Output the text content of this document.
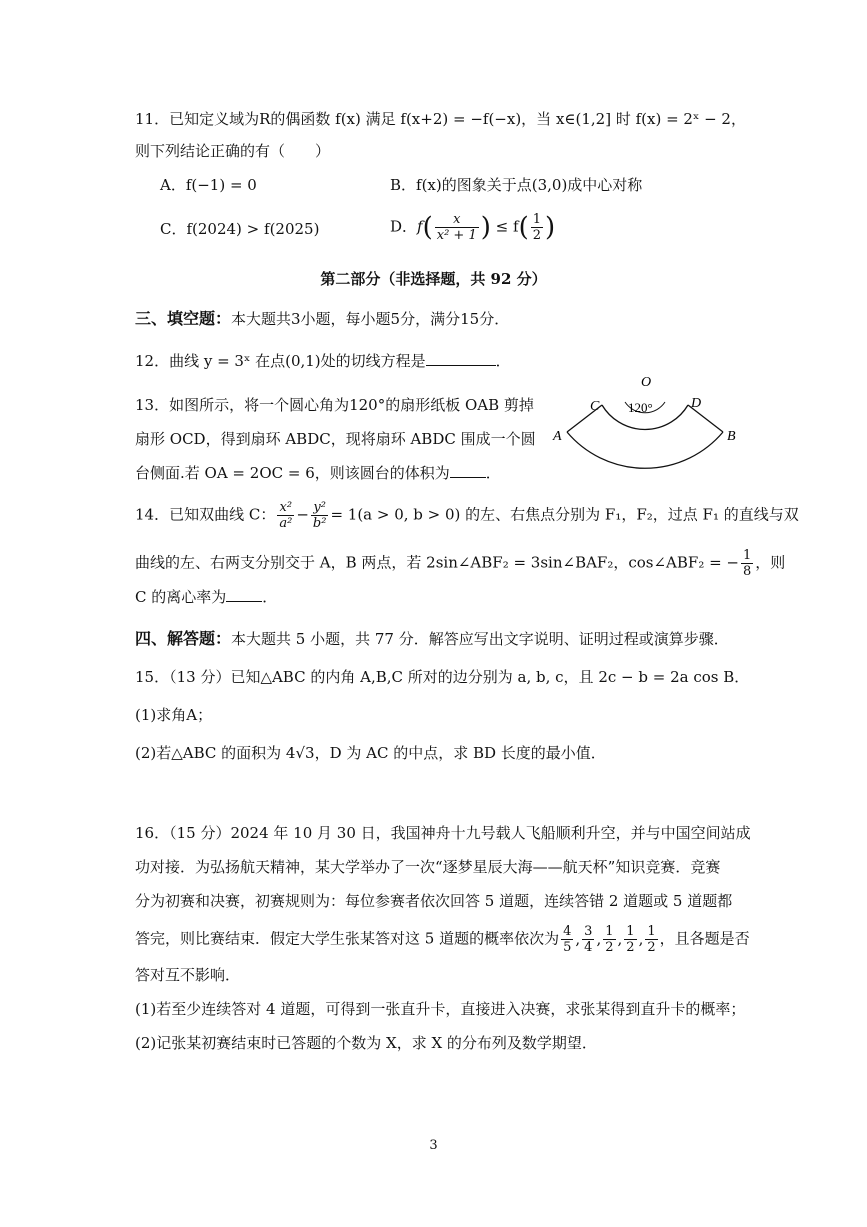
11．已知定义域为R的偶函数 f(x) 满足 f(x+2) = −f(−x)，当 x∈(1,2] 时 f(x) = 2ˣ − 2，
则下列结论正确的有（　　）
A．f(−1) = 0	B．f(x)的图象关于点(3,0)成中心对称
C．f(2024) > f(2025)	D．$f( \frac{x}{\text{x² + 1}}$ ) ≤ $f( \frac{1}{2}$ )
第二部分（非选择题，共 92 分）
三、填空题：本大题共3小题，每小题5分，满分15分．
12．曲线 y = 3ˣ 在点(0,1)处的切线方程是	．
13．如图所示，将一个圆心角为120°的扇形纸板 OAB 剪掉
扇形 OCD，得到扇环 ABDC，现将扇环 ABDC 围成一个圆
台侧面.若 OA = 2OC = 6，则该圆台的体积为 ．
O
C	D
A	B
120°
14．已知双曲线 C： $\frac{\text{x²}}{\text{a²}} - \frac{\text{y²}}{\text{b²}} = 1(a > 0$, b > 0) 的左、右焦点分别为 F₁，F₂，过点 F₁ 的直线与双
曲线的左、右两支分别交于 A，B 两点，若 2sin∠ABF₂ = 3sin∠BAF₂，cos∠ABF₂ = − $\frac{1}{8}$ ，则
C 的离心率为 ．
四、解答题：本大题共 5 小题，共 77 分．解答应写出文字说明、证明过程或演算步骤．
15．（13 分）已知△ABC 的内角 A,B,C 所对的边分别为 a, b, c，且 2c − b = 2a cos B．
(1)求角A；
(2)若△ABC 的面积为 4√3，D 为 AC 的中点，求 BD 长度的最小值．
16．（15 分）2024 年 10 月 30 日，我国神舟十九号载人飞船顺利升空，并与中国空间站成
功对接．为弘扬航天精神，某大学举办了一次“逐梦星辰大海——航天杯”知识竞赛．竞赛
分为初赛和决赛，初赛规则为：每位参赛者依次回答 5 道题，连续答错 2 道题或 5 道题都
答完，则比赛结束．假定大学生张某答对这 5 道题的概率依次为 $\frac{4}{5}$ , $\frac{3}{4}$ , $\frac{1}{2}$ , $\frac{1}{2}$ , $\frac{1}{2}$ ，且各题是否
答对互不影响．
(1)若至少连续答对 4 道题，可得到一张直升卡，直接进入决赛，求张某得到直升卡的概率；
(2)记张某初赛结束时已答题的个数为 X，求 X 的分布列及数学期望．
3
